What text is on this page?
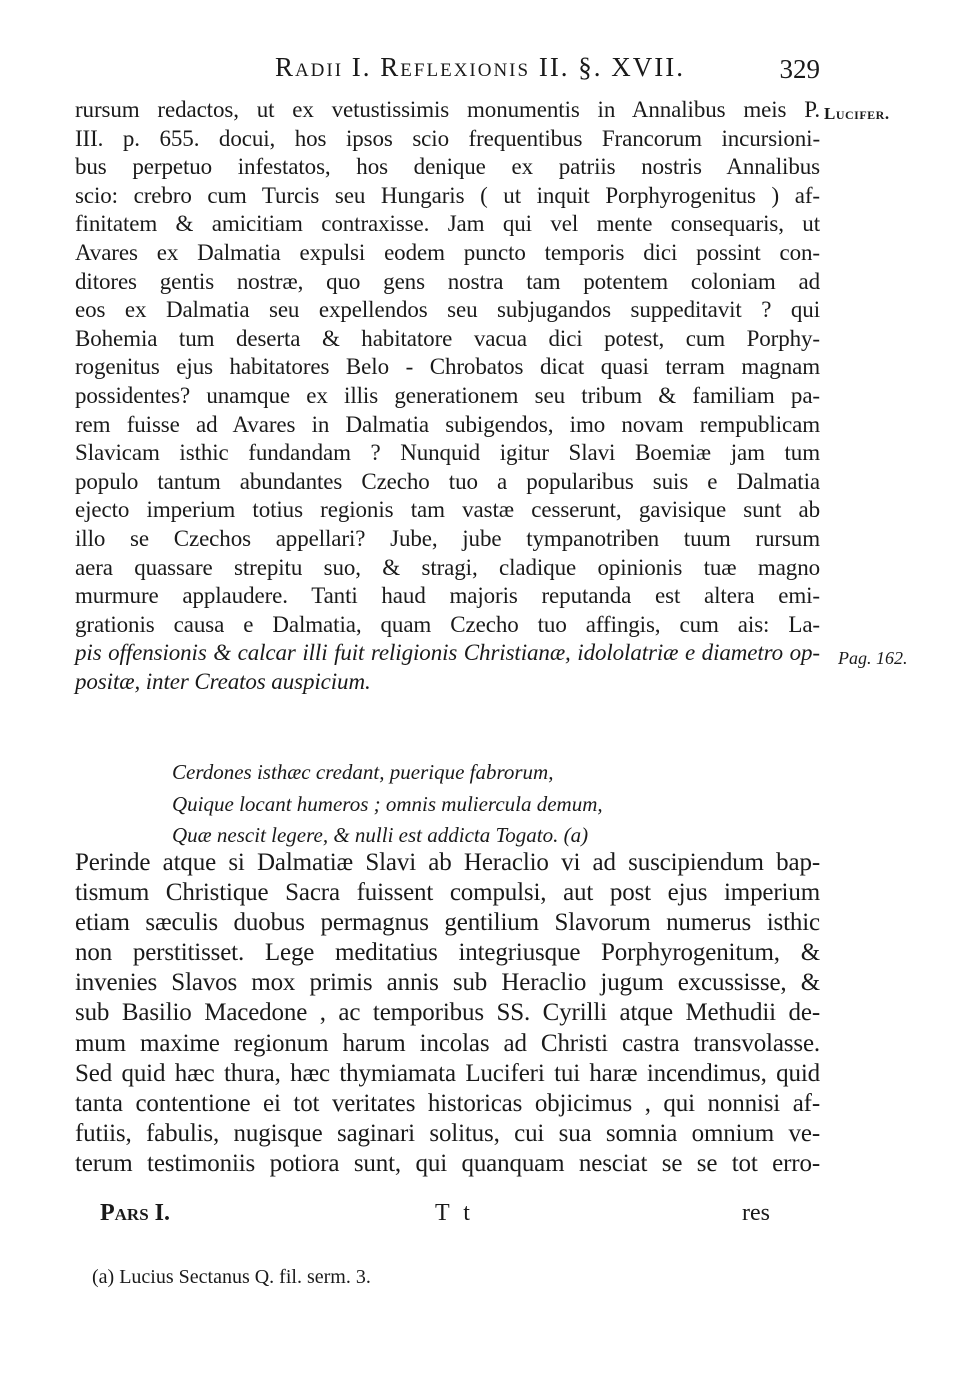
Radii I. Reflexionis II. §. XVII.	329
Lucifer.
Pag. 162.
rursum redactos, ut ex vetustissimis monumentis in Annalibus meis P.
III. p. 655. docui, hos ipsos scio frequentibus Francorum incursioni-
bus perpetuo infestatos, hos denique ex patriis nostris Annalibus
scio: crebro cum Turcis seu Hungaris ( ut inquit Porphyrogenitus ) af-
finitatem & amicitiam contraxisse. Jam qui vel mente consequaris, ut
Avares ex Dalmatia expulsi eodem puncto temporis dici possint con-
ditores gentis nostræ, quo gens nostra tam potentem coloniam ad
eos ex Dalmatia seu expellendos seu subjugandos suppeditavit ? qui
Bohemia tum deserta & habitatore vacua dici potest, cum Porphy-
rogenitus ejus habitatores Belo - Chrobatos dicat quasi terram magnam
possidentes? unamque ex illis generationem seu tribum & familiam pa-
rem fuisse ad Avares in Dalmatia subigendos, imo novam rempublicam
Slavicam isthic fundandam ? Nunquid igitur Slavi Boemiæ jam tum
populo tantum abundantes Czecho tuo a popularibus suis e Dalmatia
ejecto imperium totius regionis tam vastæ cesserunt, gavisique sunt ab
illo se Czechos appellari? Jube, jube tympanotriben tuum rursum
aera quassare strepitu suo, & stragi, cladique opinionis tuæ magno
murmure applaudere. Tanti haud majoris reputanda est altera emi-
grationis causa e Dalmatia, quam Czecho tuo affingis, cum ais: La-
pis offensionis & calcar illi fuit religionis Christianæ, idololatriæ e diametro op-
positæ, inter Creatos auspicium.
Cerdones isthæc credant, puerique fabrorum,
Quique locant humeros ; omnis muliercula demum,
Quæ nescit legere, & nulli est addicta Togato. (a)
Perinde atque si Dalmatiæ Slavi ab Heraclio vi ad suscipiendum bap-
tismum Christique Sacra fuissent compulsi, aut post ejus imperium
etiam sæculis duobus permagnus gentilium Slavorum numerus isthic
non perstitisset. Lege meditatius integriusque Porphyrogenitum, &
invenies Slavos mox primis annis sub Heraclio jugum excussisse, &
sub Basilio Macedone , ac temporibus SS. Cyrilli atque Methudii de-
mum maxime regionum harum incolas ad Christi castra transvolasse.
Sed quid hæc thura, hæc thymiamata Luciferi tui haræ incendimus, quid
tanta contentione ei tot veritates historicas objicimus , qui nonnisi af-
futiis, fabulis, nugisque saginari solitus, cui sua somnia omnium ve-
terum testimoniis potiora sunt, qui quanquam nesciat se se tot erro-
Pars I.	T t	res
(a) Lucius Sectanus Q. fil. serm. 3.
